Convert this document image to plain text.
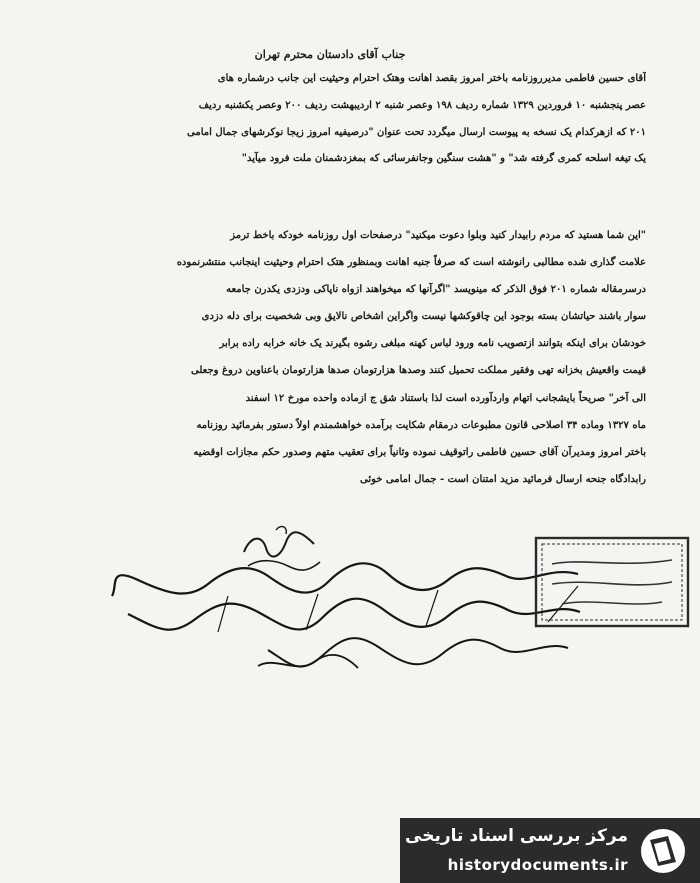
جناب آقای دادستان محترم تهران
آقای حسین فاطمی مدیرروزنامه باختر امروز بقصد اهانت وهتک احترام وحیثیت این جانب درشماره های
عصر پنجشنبه ۱۰ فروردین ۱۳۲۹ شماره ردیف ۱۹۸ وعصر شنبه ۲ اردیبهشت ردیف ۲۰۰ وعصر یکشنبه ردیف
۲۰۱ که ازهرکدام یک نسخه به پیوست ارسال میگردد تحت عنوان "درصیفیه امروز زیجا نوکرشهای جمال امامی
یک تیغه اسلحه کمری گرفته شد" و "هشت سنگین وجانفرسائی که بمغزدشمنان ملت فرود میآید"
"این شما هستید که مردم رابیدار کنید وبلوا دعوت میکنید" درصفحات اول روزنامه خودکه باخط ترمز
علامت گذاری شده مطالبی رانوشته است که صرفاً جنبه اهانت وبمنظور هتک احترام وحیثیت اینجانب منتشرنموده
درسرمقاله شماره ۲۰۱ فوق الذکر که مینویسد "اگرآنها که میخواهند ازواه ناپاکی ودزدی یکدرن جامعه
سوار باشند حیاتشان بسته بوجود این چاقوکشها نیست واگراین اشخاص نالایق وبی شخصیت برای دله دزدی
خودشان برای اینکه بتوانند ازتصویب نامه ورود لباس کهنه مبلغی رشوه بگیرند یک خانه خرابه راده برابر
قیمت واقعیش بخزانه تهی وفقیر مملکت تحمیل کنند وصدها هزارتومان صدها هزارتومان باعناوین دروغ وجعلی
الی آخر" صریحاً بایشجانب اتهام واردآورده است لذا باستناد شق ج ازماده واحده مورخ ۱۲ اسفند
ماه ۱۳۲۷ وماده ۳۴ اصلاحی قانون مطبوعات درمقام شکایت برآمده خواهشمندم اولاً دستور بفرمائید روزنامه
باختر امروز ومدیرآن آقای حسین فاطمی راتوقیف نموده وثانیاً برای تعقیب متهم وصدور حکم مجازات اوقضیه
رابدادگاه جنحه ارسال فرمائید مزید امتنان است - جمال امامی خوئی
مرکز بررسی اسناد تاریخی
historydocuments.ir
